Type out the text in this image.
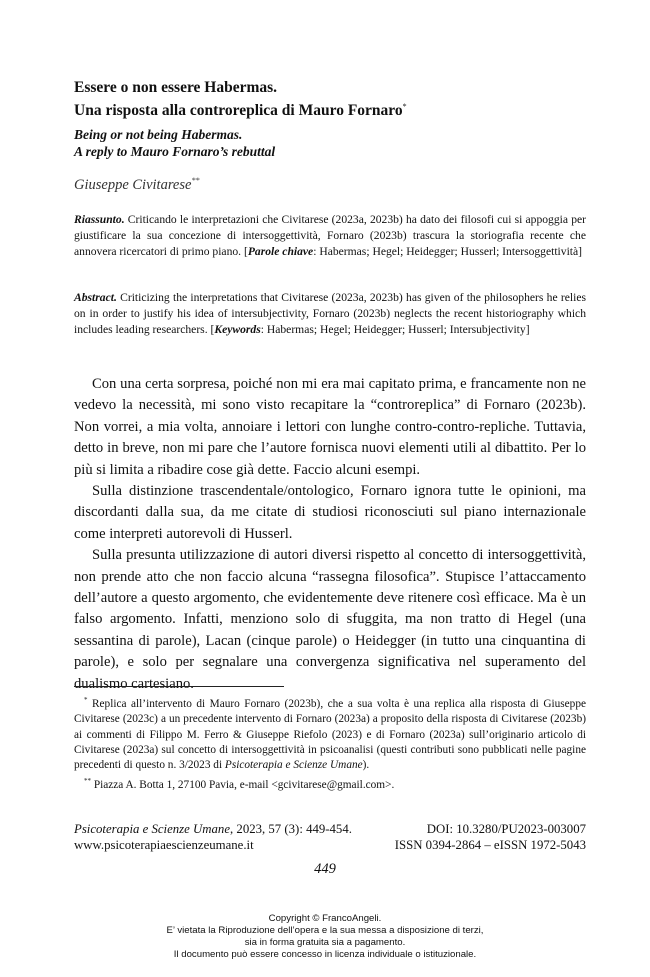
Essere o non essere Habermas.
Una risposta alla controreplica di Mauro Fornaro*
Being or not being Habermas.
A reply to Mauro Fornaro’s rebuttal
Giuseppe Civitarese**
Riassunto. Criticando le interpretazioni che Civitarese (2023a, 2023b) ha dato dei filosofi cui si appoggia per giustificare la sua concezione di intersoggettività, Fornaro (2023b) trascura la storiografia recente che annovera ricercatori di primo piano. [Parole chiave: Habermas; Hegel; Heidegger; Husserl; Intersoggettività]
Abstract. Criticizing the interpretations that Civitarese (2023a, 2023b) has given of the philosophers he relies on in order to justify his idea of intersubjectivity, Fornaro (2023b) neglects the recent historiography which includes leading researchers. [Keywords: Habermas; Hegel; Heidegger; Husserl; Intersubjectivity]

Con una certa sorpresa, poiché non mi era mai capitato prima, e francamente non ne vedevo la necessità, mi sono visto recapitare la “controreplica” di Fornaro (2023b). Non vorrei, a mia volta, annoiare i lettori con lunghe contro-contro-repliche. Tuttavia, detto in breve, non mi pare che l’autore fornisca nuovi elementi utili al dibattito. Per lo più si limita a ribadire cose già dette. Faccio alcuni esempi.

Sulla distinzione trascendentale/ontologico, Fornaro ignora tutte le opinioni, ma discordanti dalla sua, da me citate di studiosi riconosciuti sul piano internazionale come interpreti autorevoli di Husserl.

Sulla presunta utilizzazione di autori diversi rispetto al concetto di intersoggettività, non prende atto che non faccio alcuna “rassegna filosofica”. Stupisce l’attaccamento dell’autore a questo argomento, che evidentemente deve ritenere così efficace. Ma è un falso argomento. Infatti, menziono solo di sfuggita, ma non tratto di Hegel (una sessantina di parole), Lacan (cinque parole) o Heidegger (in tutto una cinquantina di parole), e solo per segnalare una convergenza significativa nel superamento del dualismo cartesiano.

* Replica all’intervento di Mauro Fornaro (2023b), che a sua volta è una replica alla risposta di Giuseppe Civitarese (2023c) a un precedente intervento di Fornaro (2023a) a proposito della risposta di Civitarese (2023b) ai commenti di Filippo M. Ferro & Giuseppe Riefolo (2023) e di Fornaro (2023a) sull’originario articolo di Civitarese (2023a) sul concetto di intersoggettività in psicoanalisi (questi contributi sono pubblicati nelle pagine precedenti di questo n. 3/2023 di Psicoterapia e Scienze Umane).

** Piazza A. Botta 1, 27100 Pavia, e-mail <gcivitarese@gmail.com>.

Psicoterapia e Scienze Umane, 2023, 57 (3): 449-454.	DOI: 10.3280/PU2023-003007
www.psicoterapiaescienzeumane.it	ISSN 0394-2864 – eISSN 1972-5043
449
Copyright © FrancoAngeli.
E’ vietata la Riproduzione dell’opera e la sua messa a disposizione di terzi,
sia in forma gratuita sia a pagamento.
Il documento può essere concesso in licenza individuale o istituzionale.
